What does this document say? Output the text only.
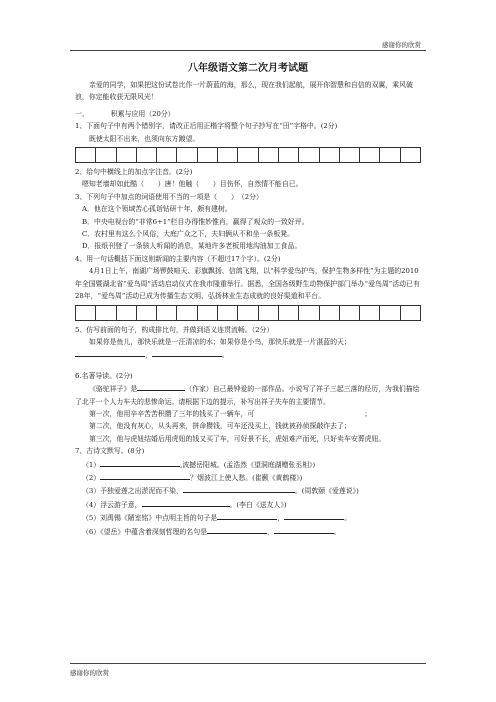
感谢你的欣赏
八年级语文第二次月考试题

亲爱的同学，如果把这份试卷比作一片蔚蓝的海，那么，现在我们起航，展开你智慧和自信的双翼，乘风破浪，你定能收获无限风光！

一、	积累与应用（20分）

1、下面句子中有两个错别字，请改正后用正楷字将整个句子抄写在“田”字格中。(2分)

既使太阳不出来，也须向东方踱望。

2、给句中横线上的加点字注音。(2分)

嗯知老墙却如此酷（　　）唐！他触（　　）目伤怀，自然情不能自已。

3、下列句子中加点的词语使用不当的一项是（　　）　（2分）

A．他在这个领域苦心孤诣钻研十年，颇有建树。

B．中央电视台的“非常6+1”栏目办得惟妙惟肖，赢得了观众的一致好评。

C．农村里有这么个风俗，大庭广众之下，夫妇俩从不和坐一条板凳。

D．报纸刊登了一条骇人听闻的消息，某地许多老板用地沟油加工食品。

4、用一句话概括下面这则新闻的主要内容（不超过17个字）。(2分)

4月1日上午，南湖广场锣鼓喧天、彩旗飘扬、信鸽飞翔，以“科学爱鸟护鸟，保护生物多样性”为主题的2010年全国暨湖北省“爱鸟周”活动启动仪式在我市隆重举行。据悉，全国各级野生动物保护部门举办“爱鸟周”活动已有28年，“爱鸟周”活动已成为传播生态文明、弘扬林业生态成就的良好渠道和平台。

5、仿写前面的句子，构成排比句，并做到语义连贯流畅。（2分）

如果你是鱼儿，那快乐就是一汪清凉的水；如果你是小鸟，那快乐就是一片湛蓝的天；

，	。

6.名著导读。(2分)

《骆驼祥子》是	（作家）自己最钟爱的一部作品。小说写了祥子三起三落的经历，为我们描绘了北平一个人力车夫的悲惨命运。请根据下边的提示，补写出祥子失车的主要情节。

第一次，他用辛辛苦苦积攒了三年的钱买了一辆车，可	；

第二次，他没有灰心，从头再来，拼命攒钱，可车还没买上，钱就被孙侦探敲诈去了；

第三次，他与虎妞结婚后用虎妞的钱又买了车，可好景不长，虎妞难产而死，只好卖车安葬虎妞。

7、古诗文默写。(8分)

（1）	,波撼岳阳城。(孟浩然《望洞庭湖赠张丞相》)

（2）	？烟波江上使人愁。(崔颢《黄鹤楼》)

（3）予独爱莲之出淤泥而不染，	。(周敦颐《爱莲说》)

（4）浮云游子意，	。(李白《送友人》)

（5）刘禹锡《陋室铭》中点明主旨的句子是	，	。

（6）《望岳》中蕴含着深刻哲理的名句是	，	。

感谢你的欣赏
